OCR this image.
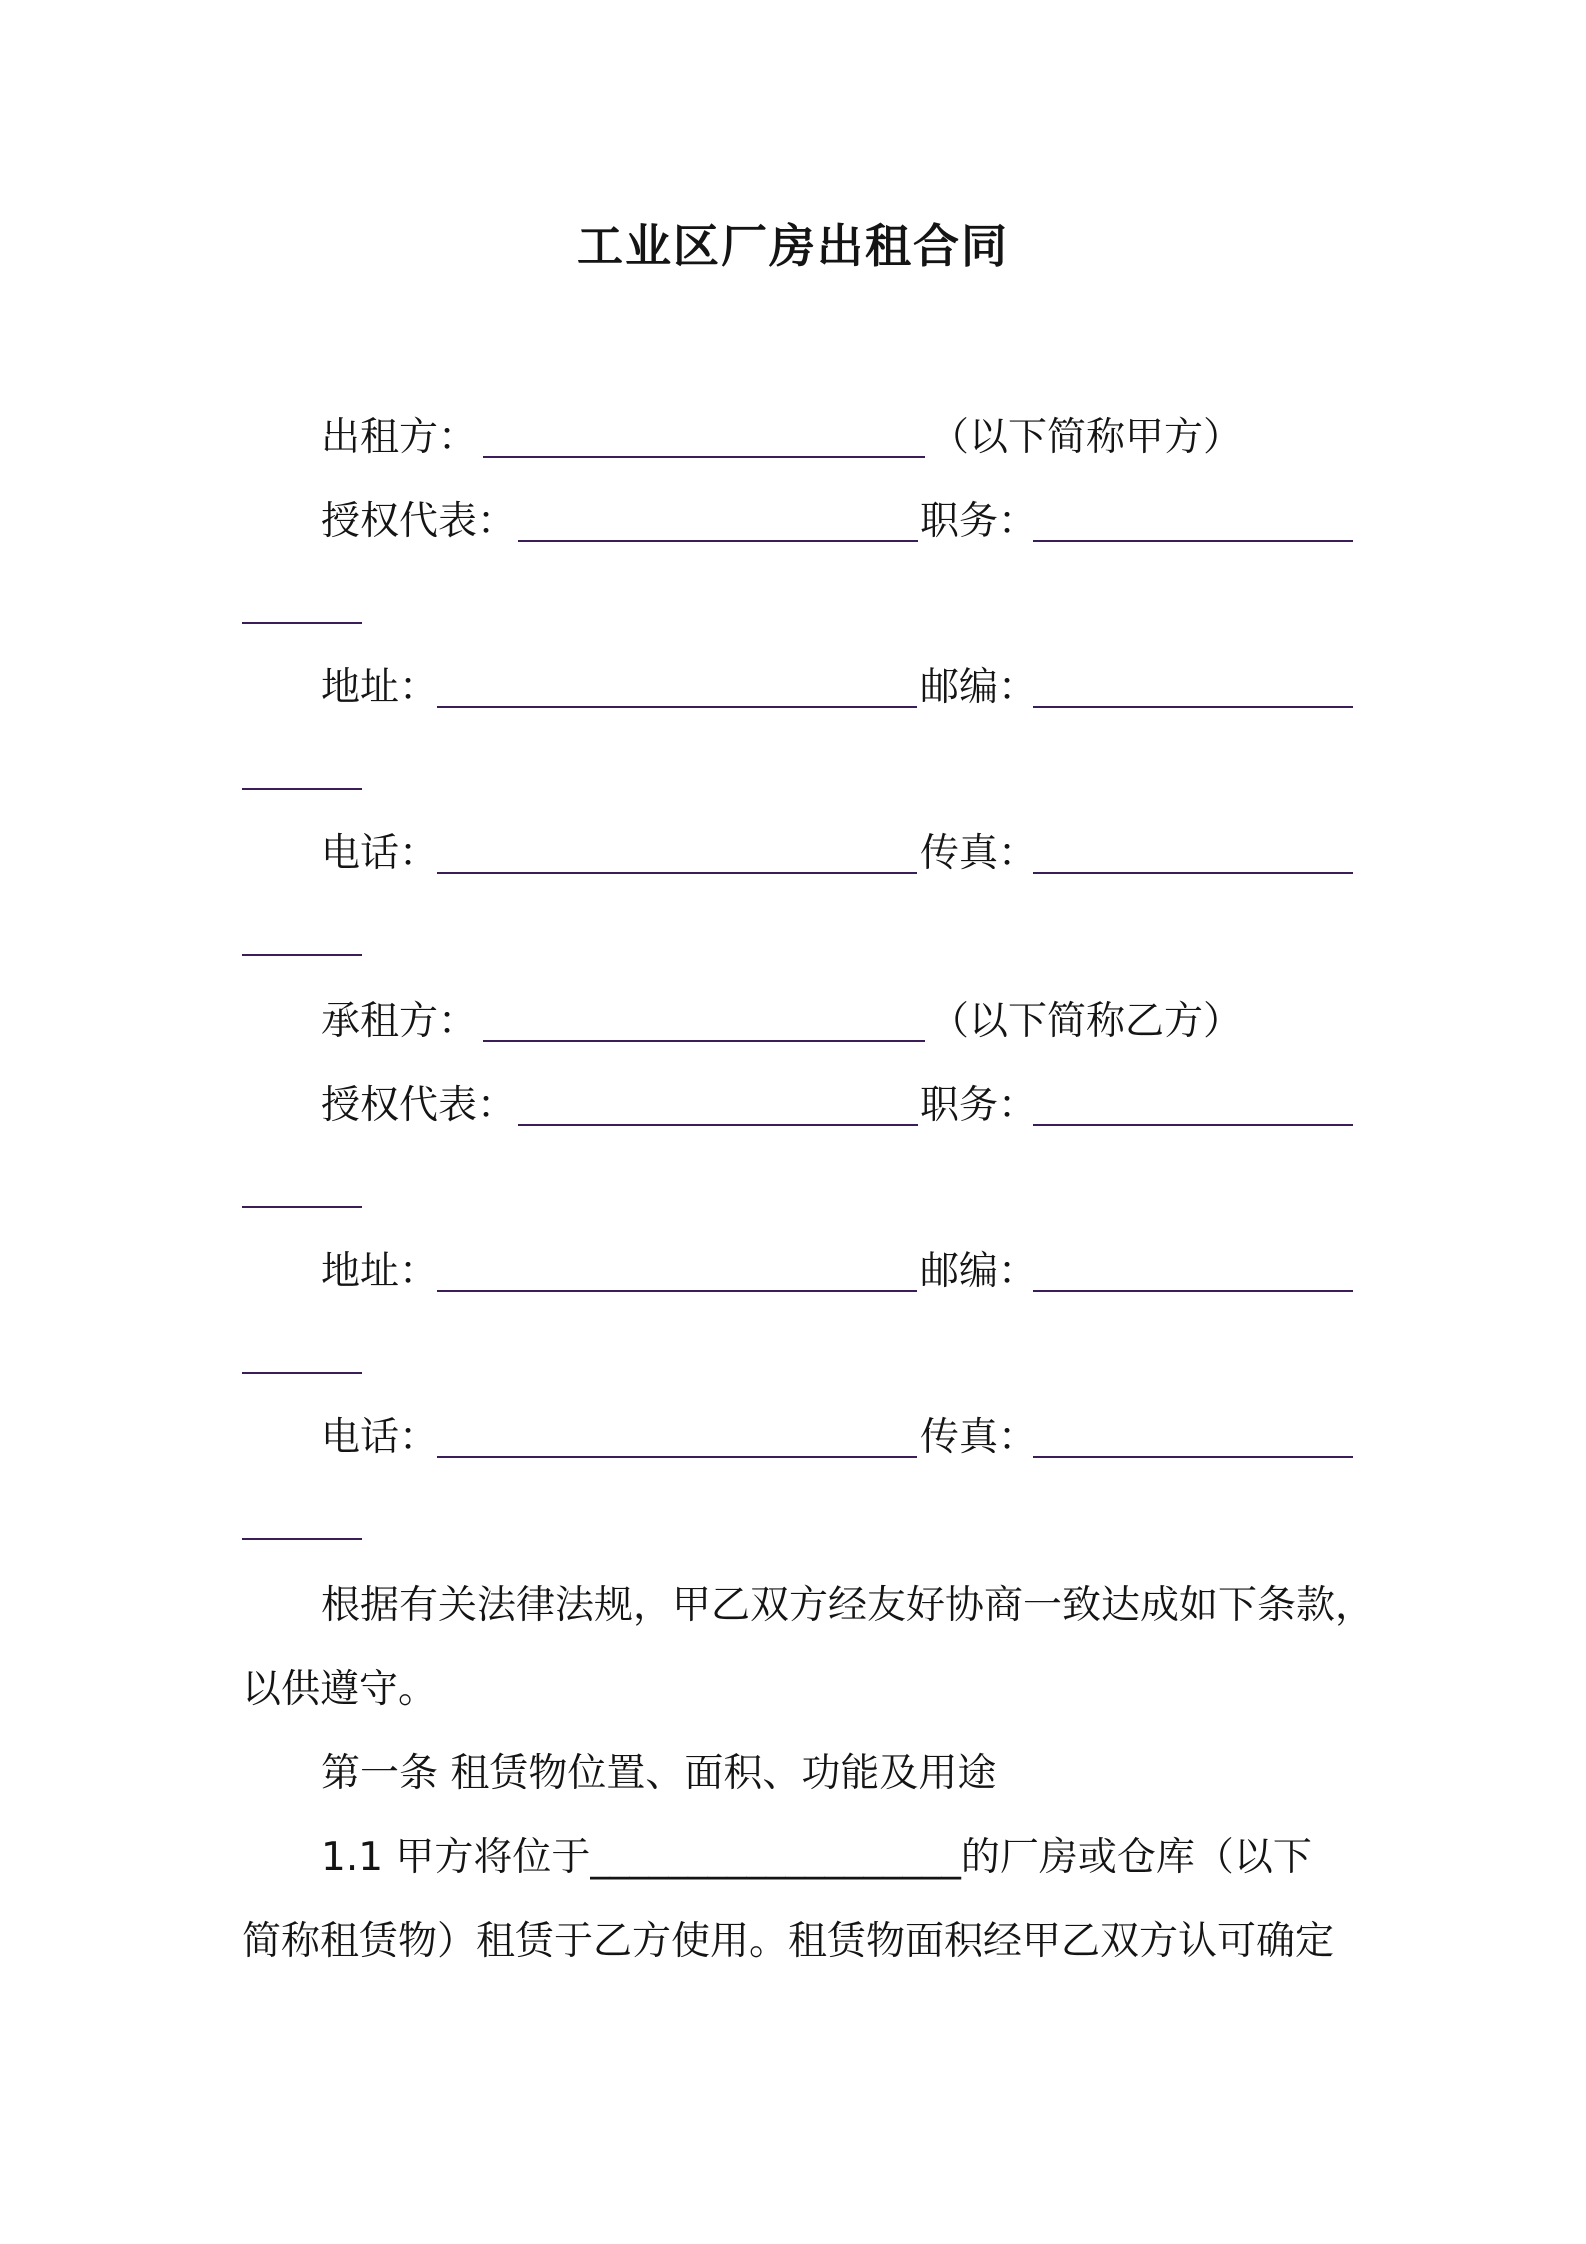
工业区厂房出租合同
出租方：	（以下简称甲方）
授权代表：	职务：
地址：	邮编：
电话：	传真：
承租方：	（以下简称乙方）
授权代表：	职务：
地址：	邮编：
电话：	传真：
根据有关法律法规，甲乙双方经友好协商一致达成如下条款，
以供遵守。
第一条 租赁物位置、面积、功能及用途
1.1 甲方将位于___________________的厂房或仓库（以下
简称租赁物）租赁于乙方使用。租赁物面积经甲乙双方认可确定
